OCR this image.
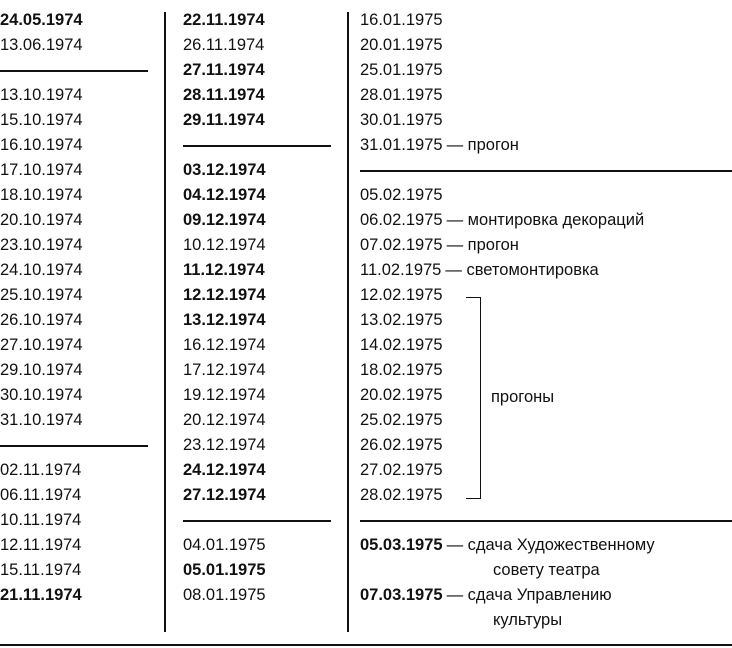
24.05.1974
13.06.1974
13.10.1974
15.10.1974
16.10.1974
17.10.1974
18.10.1974
20.10.1974
23.10.1974
24.10.1974
25.10.1974
26.10.1974
27.10.1974
29.10.1974
30.10.1974
31.10.1974
02.11.1974
06.11.1974
10.11.1974
12.11.1974
15.11.1974
21.11.1974
22.11.1974
26.11.1974
27.11.1974
28.11.1974
29.11.1974
03.12.1974
04.12.1974
09.12.1974
10.12.1974
11.12.1974
12.12.1974
13.12.1974
16.12.1974
17.12.1974
19.12.1974
20.12.1974
23.12.1974
24.12.1974
27.12.1974
04.01.1975
05.01.1975
08.01.1975
16.01.1975
20.01.1975
25.01.1975
28.01.1975
30.01.1975
31.01.1975 — прогон
05.02.1975
06.02.1975 — монтировка декораций
07.02.1975 — прогон
11.02.1975 — светомонтировка
12.02.1975
13.02.1975
14.02.1975
18.02.1975
20.02.1975
25.02.1975
26.02.1975
27.02.1975
28.02.1975
05.03.1975 — сдача Художественному
совету театра
07.03.1975 — сдача Управлению
культуры
прогоны
